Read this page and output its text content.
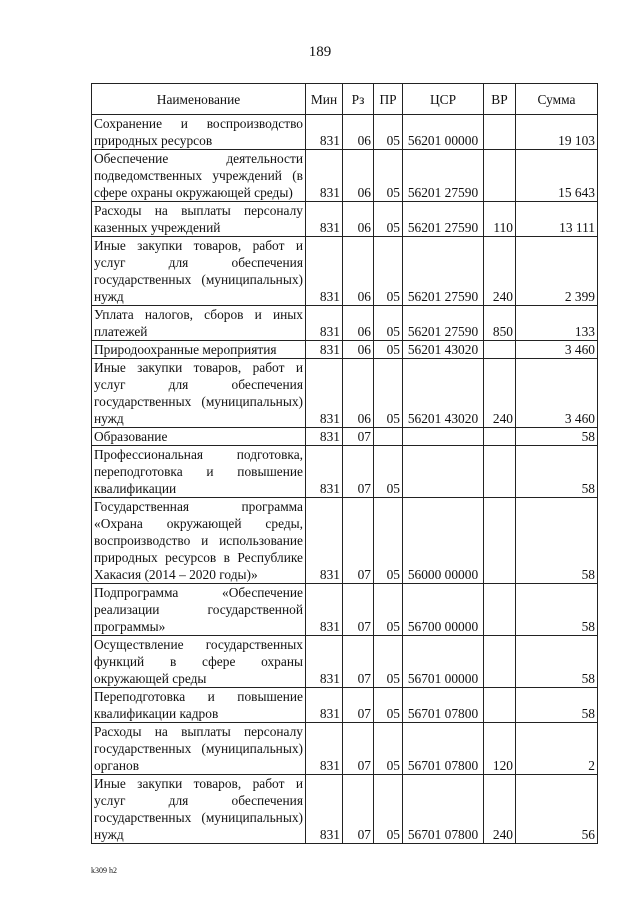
189
Наименование	Мин	Рз	ПР	ЦСР	ВР	Сумма
Сохранение и воспроизводство природных ресурсов	831	06	05	56201 00000		19 103
Обеспечение деятельности подведомственных учреждений (в сфере охраны окружающей среды)	831	06	05	56201 27590		15 643
Расходы на выплаты персоналу казенных учреждений	831	06	05	56201 27590	110	13 111
Иные закупки товаров, работ и услуг для обеспечения государственных (муниципальных) нужд	831	06	05	56201 27590	240	2 399
Уплата налогов, сборов и иных платежей	831	06	05	56201 27590	850	133
Природоохранные мероприятия	831	06	05	56201 43020		3 460
Иные закупки товаров, работ и услуг для обеспечения государственных (муниципальных) нужд	831	06	05	56201 43020	240	3 460
Образование	831	07				58
Профессиональная подготовка, переподготовка и повышение квалификации	831	07	05			58
Государственная программа «Охрана окружающей среды, воспроизводство и использование природных ресурсов в Республике Хакасия (2014 – 2020 годы)»	831	07	05	56000 00000		58
Подпрограмма «Обеспечение реализации государственной программы»	831	07	05	56700 00000		58
Осуществление государственных функций в сфере охраны окружающей среды	831	07	05	56701 00000		58
Переподготовка и повышение квалификации кадров	831	07	05	56701 07800		58
Расходы на выплаты персоналу государственных (муниципальных) органов	831	07	05	56701 07800	120	2
Иные закупки товаров, работ и услуг для обеспечения государственных (муниципальных) нужд	831	07	05	56701 07800	240	56
k309 h2
